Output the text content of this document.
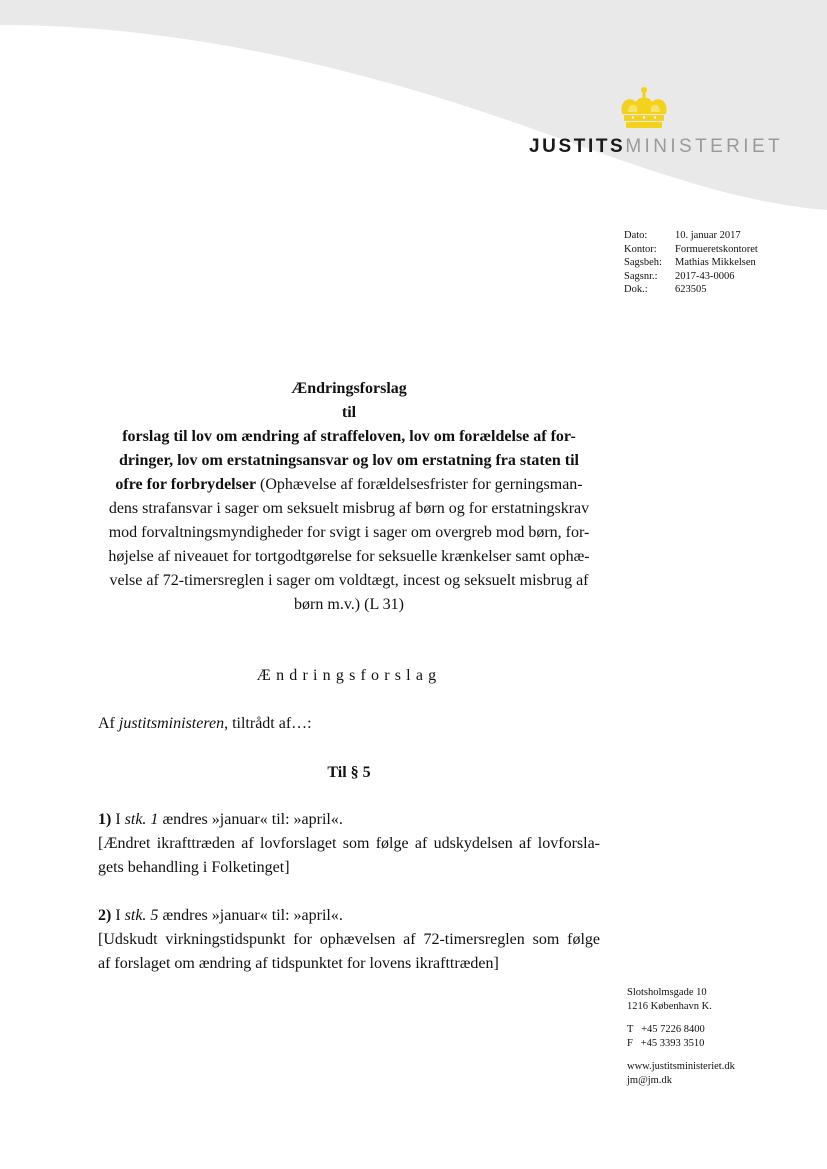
JUSTITSMINISTERIET
Dato:	10. januar 2017
Kontor:	Formueretskontoret
Sagsbeh:	Mathias Mikkelsen
Sagsnr.:	2017-43-0006
Dok.:	623505
Ændringsforslag
til
forslag til lov om ændring af straffeloven, lov om forældelse af for-
dringer, lov om erstatningsansvar og lov om erstatning fra staten til
ofre for forbrydelser (Ophævelse af forældelsesfrister for gerningsman-
dens strafansvar i sager om seksuelt misbrug af børn og for erstatningskrav
mod forvaltningsmyndigheder for svigt i sager om overgreb mod børn, for-
højelse af niveauet for tortgodtgørelse for seksuelle krænkelser samt ophæ-
velse af 72-timersreglen i sager om voldtægt, incest og seksuelt misbrug af
børn m.v.) (L 31)
Ændringsforslag
Af justitsministeren, tiltrådt af…:
Til § 5
1) I stk. 1 ændres »januar« til: »april«.
[Ændret ikrafttræden af lovforslaget som følge af udskydelsen af lovforsla-
gets behandling i Folketinget]
2) I stk. 5 ændres »januar« til: »april«.
[Udskudt virkningstidspunkt for ophævelsen af 72-timersreglen som følge
af forslaget om ændring af tidspunktet for lovens ikrafttræden]
Slotsholmsgade 10
1216 København K.
T   +45 7226 8400
F   +45 3393 3510
www.justitsministeriet.dk
jm@jm.dk
